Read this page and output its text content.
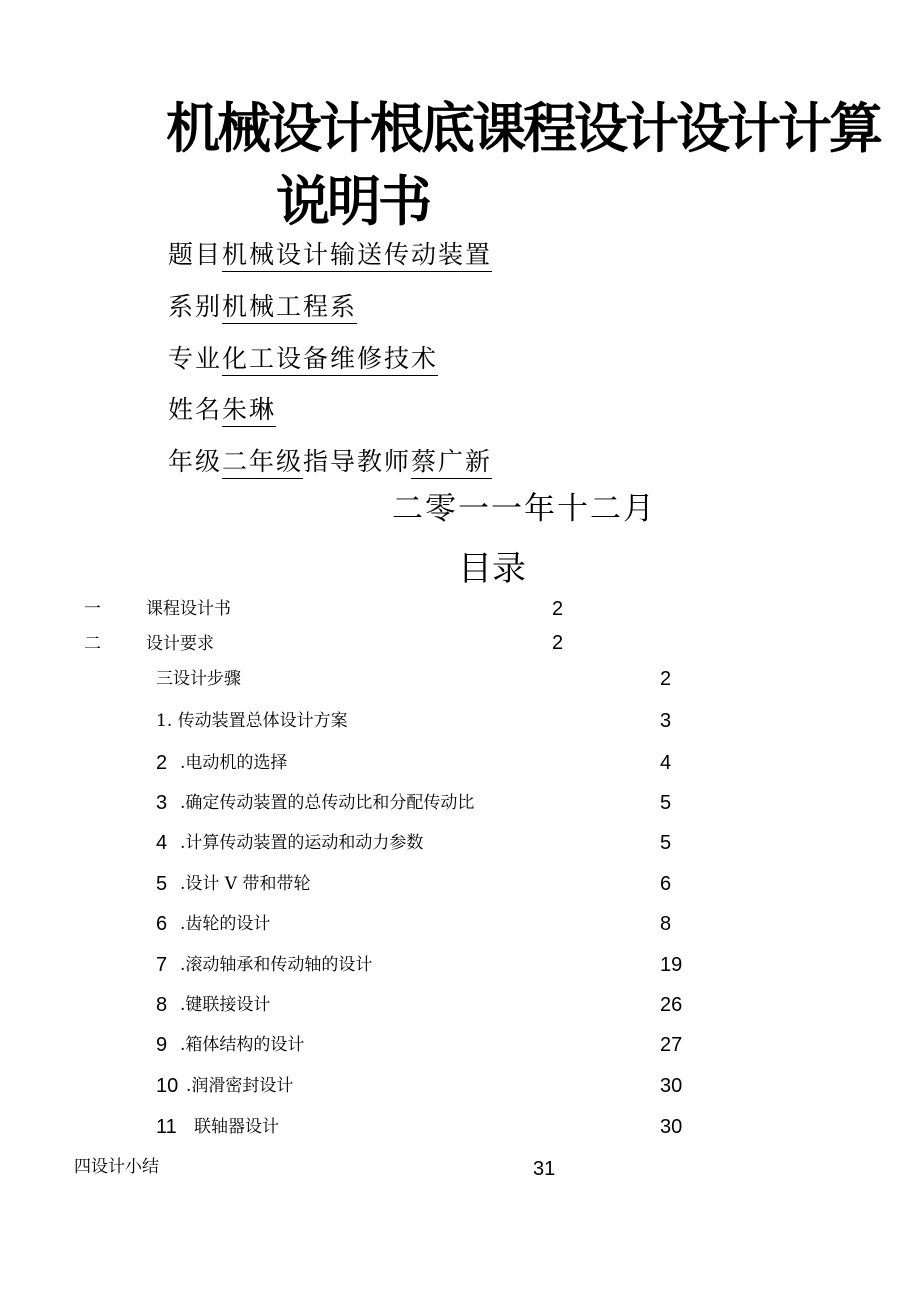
机械设计根底课程设计设计计算
说明书
题目机械设计输送传动装置
系别机械工程系
专业化工设备维修技术
姓名朱琳
年级二年级指导教师蔡广新
二零一一年十二月
目录
一	课程设计书	2
二	设计要求	2
三设计步骤	2
1. 传动装置总体设计方案	3
2 .电动机的选择	4
3 .确定传动装置的总传动比和分配传动比	5
4 .计算传动装置的运动和动力参数	5
5 .设计 V 带和带轮	6
6 .齿轮的设计	8
7 .滚动轴承和传动轴的设计	19
8 .键联接设计	26
9 .箱体结构的设计	27
10 .润滑密封设计	30
11 联轴器设计	30
四设计小结	31
